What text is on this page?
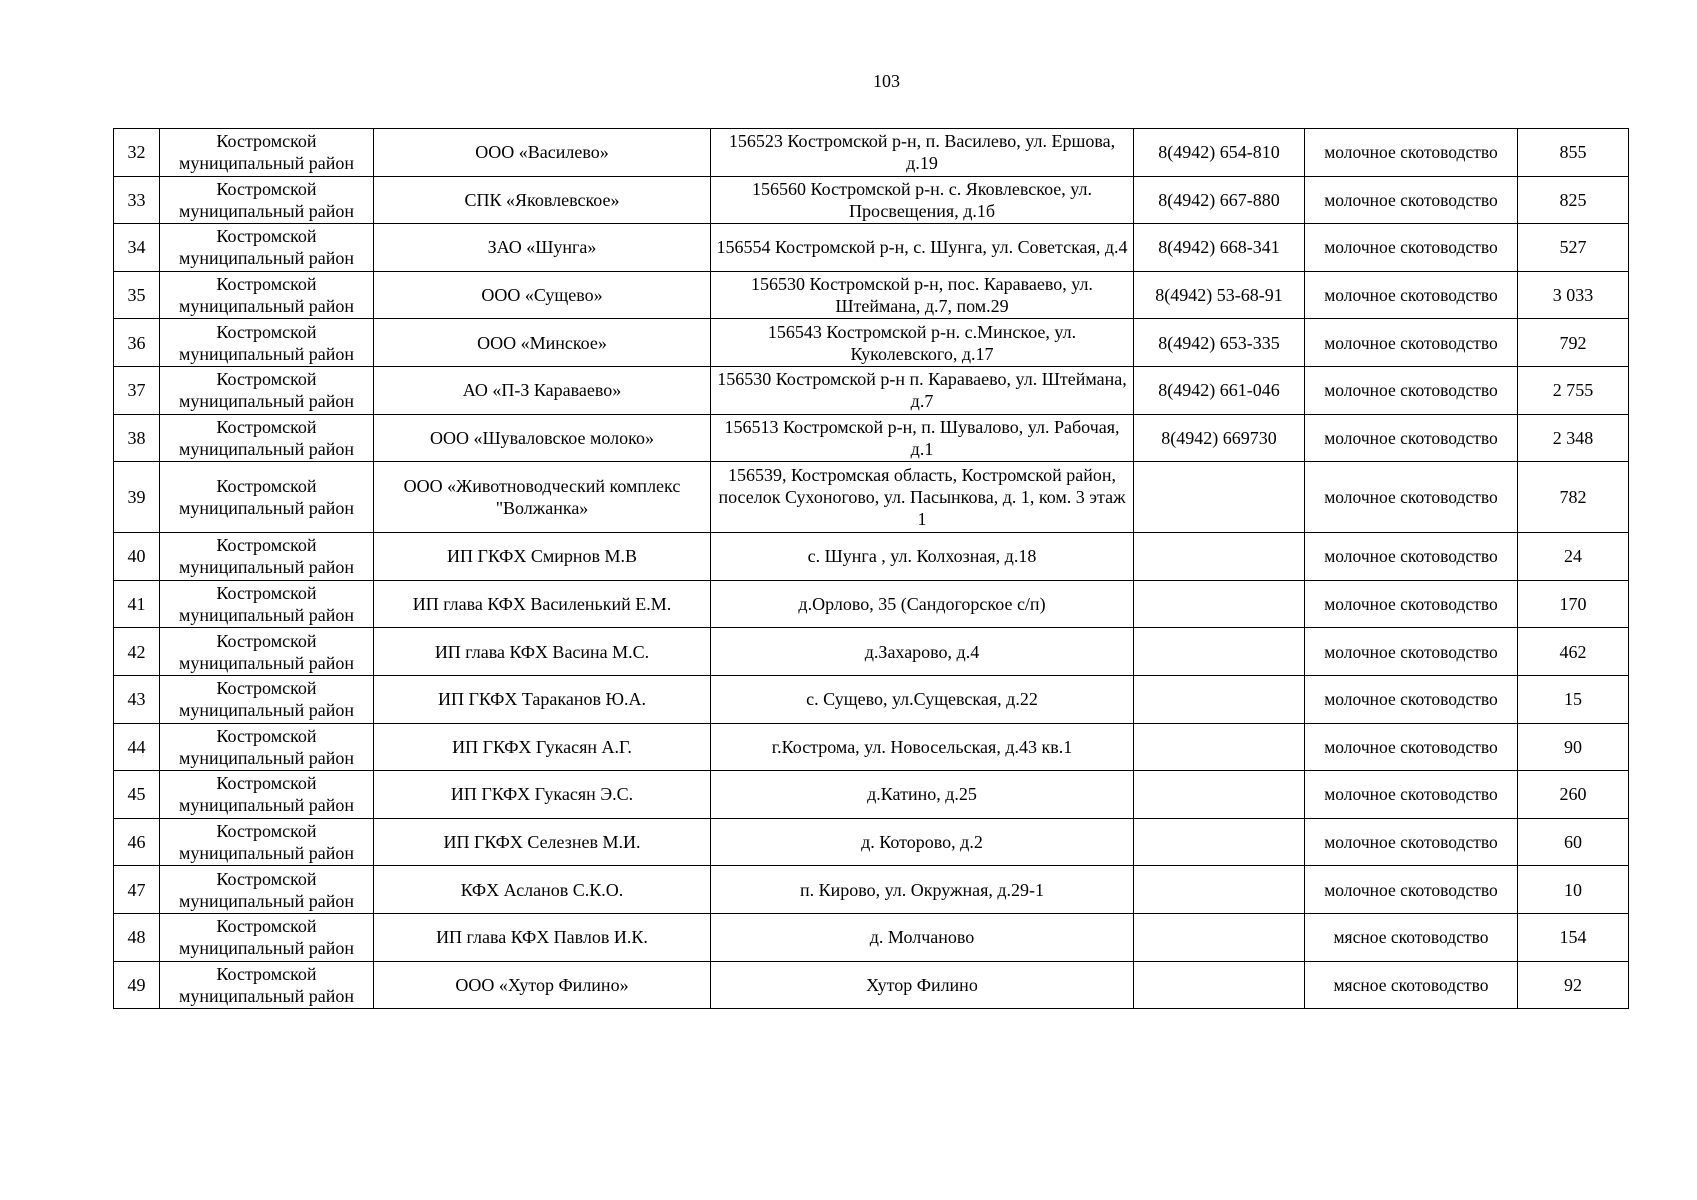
103
32	Костромской муниципальный район	ООО «Василево»	156523 Костромской р-н, п. Василево, ул. Ершова, д.19	8(4942) 654-810	молочное скотоводство	855
33	Костромской муниципальный район	СПК «Яковлевское»	156560 Костромской р-н. с. Яковлевское, ул. Просвещения, д.1б	8(4942) 667-880	молочное скотоводство	825
34	Костромской муниципальный район	ЗАО «Шунга»	156554 Костромской р-н, с. Шунга, ул. Советская, д.4	8(4942) 668-341	молочное скотоводство	527
35	Костромской муниципальный район	ООО «Сущево»	156530 Костромской р-н, пос. Караваево, ул. Штеймана, д.7, пом.29	8(4942) 53-68-91	молочное скотоводство	3 033
36	Костромской муниципальный район	ООО «Минское»	156543 Костромской р-н. с.Минское, ул. Куколевского, д.17	8(4942) 653-335	молочное скотоводство	792
37	Костромской муниципальный район	АО «П-З Караваево»	156530 Костромской р-н п. Караваево, ул. Штеймана, д.7	8(4942) 661-046	молочное скотоводство	2 755
38	Костромской муниципальный район	ООО «Шуваловское молоко»	156513 Костромской р-н, п. Шувалово, ул. Рабочая, д.1	8(4942) 669730	молочное скотоводство	2 348
39	Костромской муниципальный район	ООО «Животноводческий комплекс "Волжанка»	156539, Костромская область, Костромской район, поселок Сухоногово, ул. Пасынкова, д. 1, ком. 3 этаж 1		молочное скотоводство	782
40	Костромской муниципальный район	ИП ГКФХ Смирнов М.В	с. Шунга , ул. Колхозная, д.18		молочное скотоводство	24
41	Костромской муниципальный район	ИП глава КФХ Василенький Е.М.	д.Орлово, 35 (Сандогорское с/п)		молочное скотоводство	170
42	Костромской муниципальный район	ИП глава КФХ Васина М.С.	д.Захарово, д.4		молочное скотоводство	462
43	Костромской муниципальный район	ИП ГКФХ Тараканов Ю.А.	с. Сущево, ул.Сущевская, д.22		молочное скотоводство	15
44	Костромской муниципальный район	ИП ГКФХ Гукасян А.Г.	г.Кострома, ул. Новосельская, д.43 кв.1		молочное скотоводство	90
45	Костромской муниципальный район	ИП ГКФХ Гукасян Э.С.	д.Катино, д.25		молочное скотоводство	260
46	Костромской муниципальный район	ИП ГКФХ Селезнев М.И.	д. Которово, д.2		молочное скотоводство	60
47	Костромской муниципальный район	КФХ Асланов С.К.О.	п. Кирово, ул. Окружная, д.29-1		молочное скотоводство	10
48	Костромской муниципальный район	ИП глава КФХ Павлов И.К.	д. Молчаново		мясное скотоводство	154
49	Костромской муниципальный район	ООО «Хутор Филино»	Хутор Филино		мясное скотоводство	92
